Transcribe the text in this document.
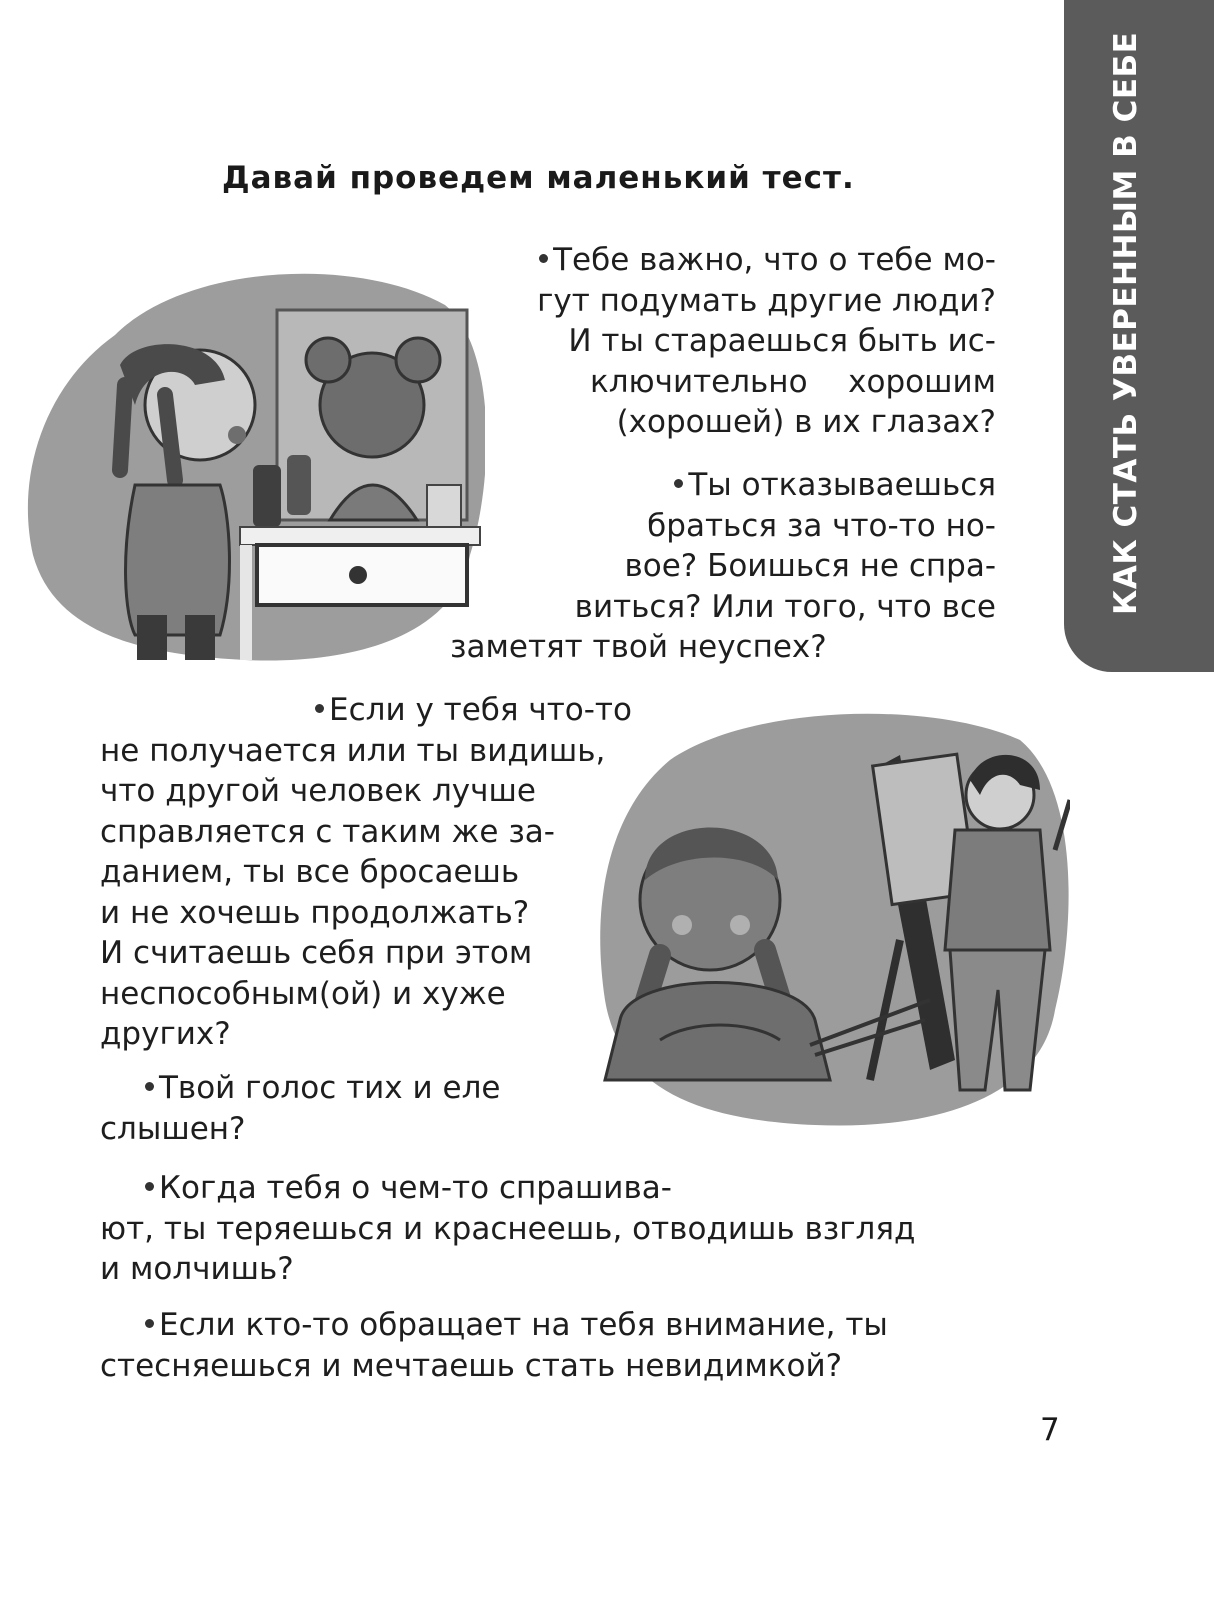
КАК СТАТЬ УВЕРЕННЫМ В СЕБЕ
Давай проведем маленький тест.

Тебе важно, что о тебе мо-
гут подумать другие люди?
И ты стараешься быть ис-
ключительно хорошим
(хорошей) в их глазах?

Ты отказываешься
браться за что-то но-
вое? Боишься не спра-
виться? Или того, что все
заметят твой неуспех?

Если у тебя что-то
не получается или ты видишь,
что другой человек лучше
справляется с таким же за-
данием, ты все бросаешь
и не хочешь продолжать?
И считаешь себя при этом
неспособным(ой) и хуже
других?

Твой голос тих и еле
слышен?

Когда тебя о чем-то спрашива-
ют, ты теряешься и краснеешь, отводишь взгляд
и молчишь?

Если кто-то обращает на тебя внимание, ты
стесняешься и мечтаешь стать невидимкой?

7
